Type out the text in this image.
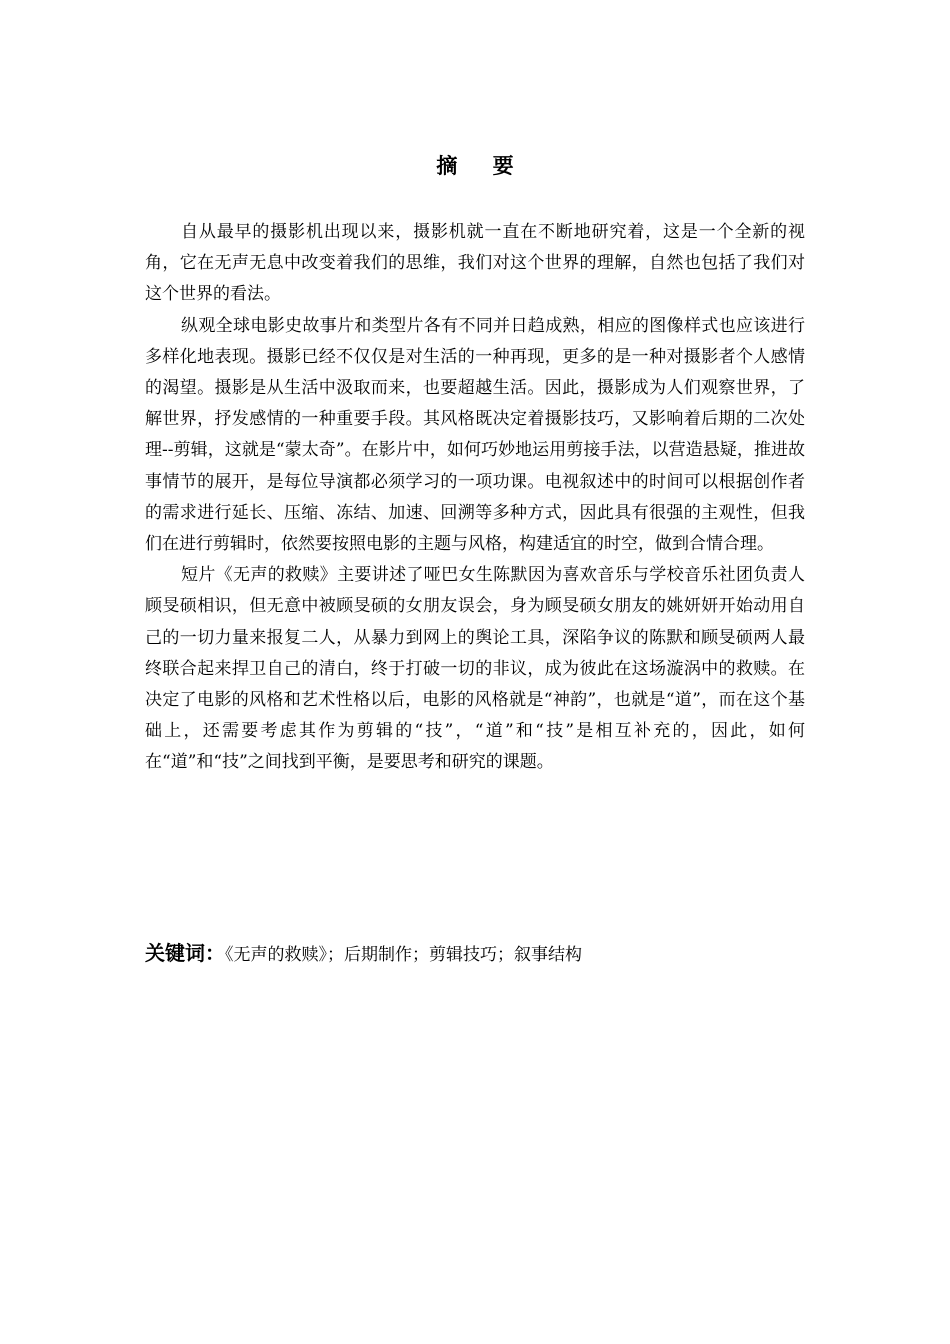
摘 要

自从最早的摄影机出现以来，摄影机就一直在不断地研究着，这是一个全新的视角，它在无声无息中改变着我们的思维，我们对这个世界的理解，自然也包括了我们对这个世界的看法。

纵观全球电影史故事片和类型片各有不同并日趋成熟，相应的图像样式也应该进行多样化地表现。摄影已经不仅仅是对生活的一种再现，更多的是一种对摄影者个人感情的渴望。摄影是从生活中汲取而来，也要超越生活。因此，摄影成为人们观察世界，了解世界，抒发感情的一种重要手段。其风格既决定着摄影技巧，又影响着后期的二次处理--剪辑，这就是“蒙太奇”。在影片中，如何巧妙地运用剪接手法，以营造悬疑，推进故事情节的展开，是每位导演都必须学习的一项功课。电视叙述中的时间可以根据创作者的需求进行延长、压缩、冻结、加速、回溯等多种方式，因此具有很强的主观性，但我们在进行剪辑时，依然要按照电影的主题与风格，构建适宜的时空，做到合情合理。

短片《无声的救赎》主要讲述了哑巴女生陈默因为喜欢音乐与学校音乐社团负责人顾旻硕相识，但无意中被顾旻硕的女朋友误会，身为顾旻硕女朋友的姚妍妍开始动用自己的一切力量来报复二人，从暴力到网上的舆论工具，深陷争议的陈默和顾旻硕两人最终联合起来捍卫自己的清白，终于打破一切的非议，成为彼此在这场漩涡中的救赎。在决定了电影的风格和艺术性格以后，电影的风格就是“神韵”，也就是“道”，而在这个基础上，还需要考虑其作为剪辑的“技”，“道”和“技”是相互补充的，因此，如何在“道”和“技”之间找到平衡，是要思考和研究的课题。

关键词：《无声的救赎》；后期制作；剪辑技巧；叙事结构
